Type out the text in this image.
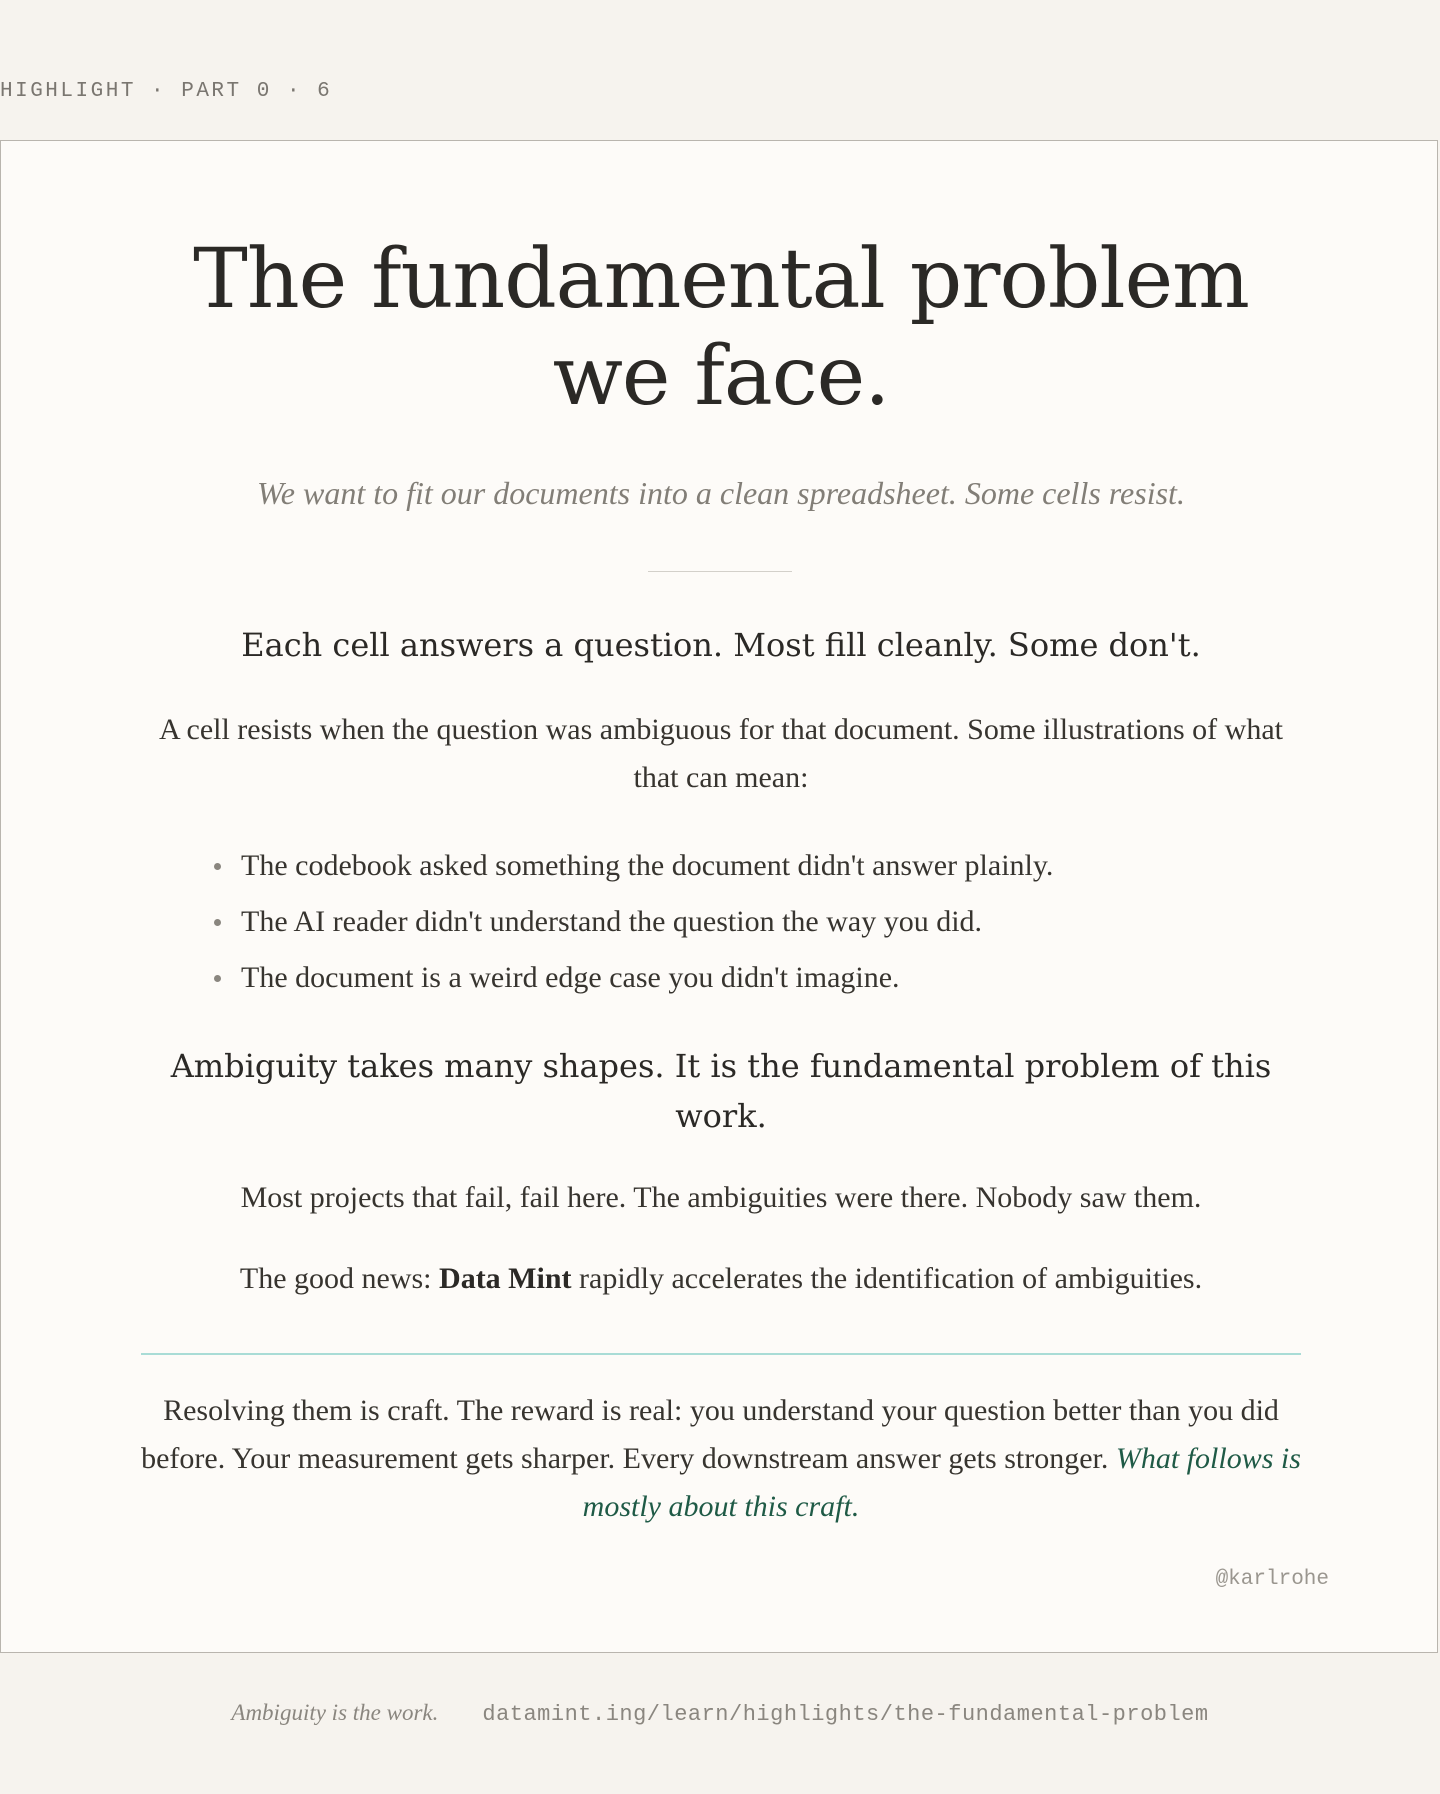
HIGHLIGHT · PART 0 · 6
The fundamental problem we face.

We want to fit our documents into a clean spreadsheet. Some cells resist.

Each cell answers a question. Most fill cleanly. Some don't.

A cell resists when the question was ambiguous for that document. Some illustrations of what that can mean:

The codebook asked something the document didn't answer plainly.
The AI reader didn't understand the question the way you did.
The document is a weird edge case you didn't imagine.
Ambiguity takes many shapes. It is the fundamental problem of this work.

Most projects that fail, fail here. The ambiguities were there. Nobody saw them.

The good news: Data Mint rapidly accelerates the identification of ambiguities.

Resolving them is craft. The reward is real: you understand your question better than you did before. Your measurement gets sharper. Every downstream answer gets stronger. What follows is mostly about this craft.

@karlrohe
Ambiguity is the work. datamint.ing/learn/highlights/the-fundamental-problem
